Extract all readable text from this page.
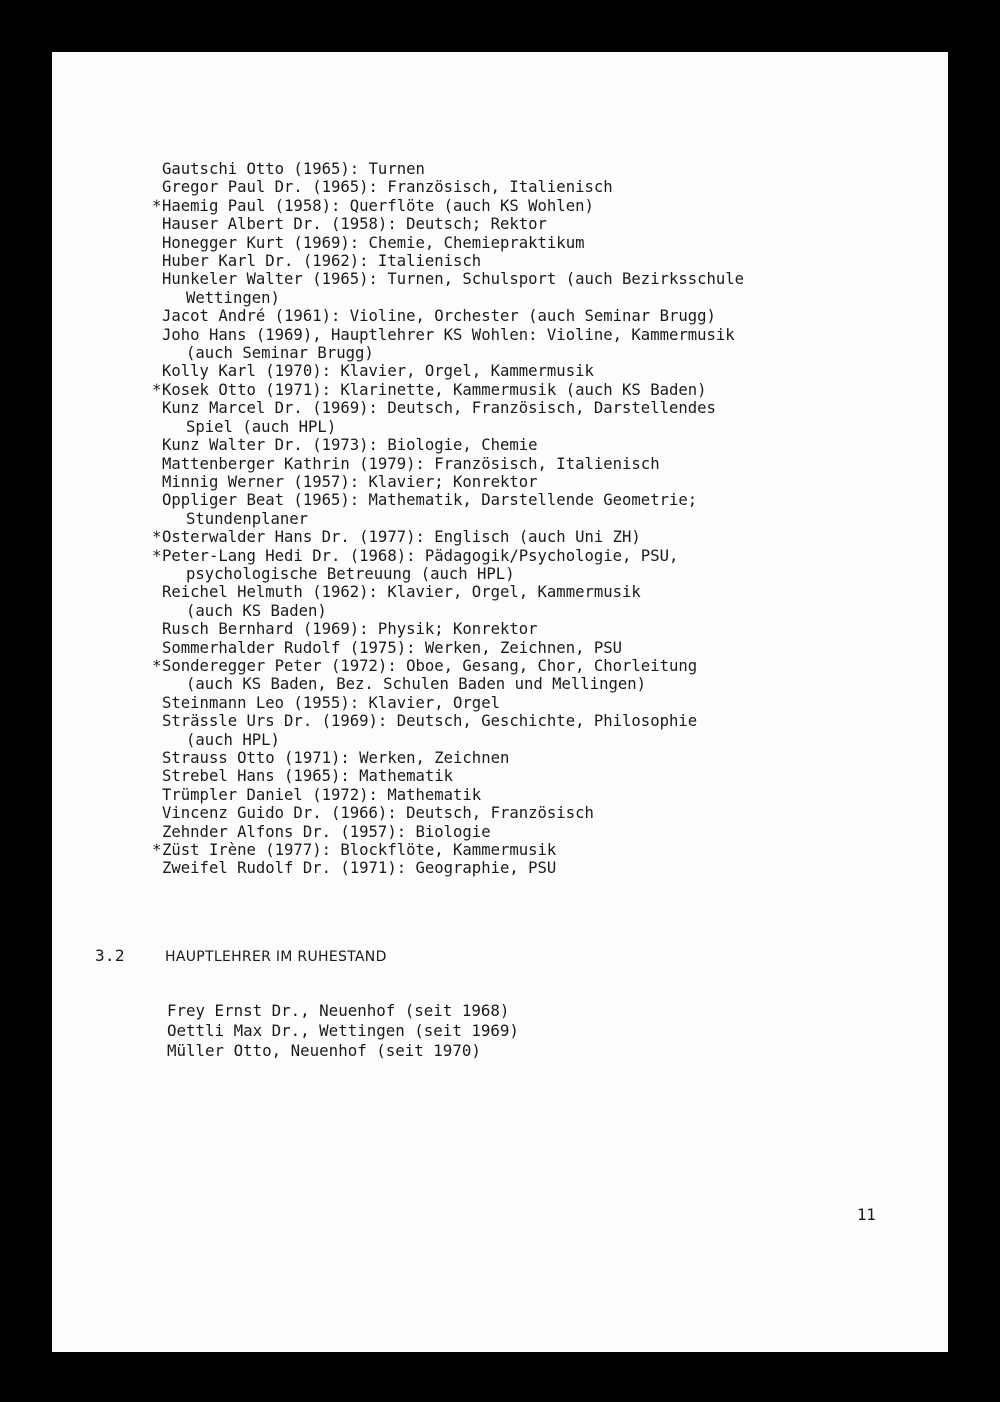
Gautschi Otto (1965): Turnen
Gregor Paul Dr. (1965): Französisch, Italienisch
* Haemig Paul (1958): Querflöte (auch KS Wohlen)
Hauser Albert Dr. (1958): Deutsch; Rektor
Honegger Kurt (1969): Chemie, Chemiepraktikum
Huber Karl Dr. (1962): Italienisch
Hunkeler Walter (1965): Turnen, Schulsport (auch Bezirksschule
Wettingen)
Jacot André (1961): Violine, Orchester (auch Seminar Brugg)
Joho Hans (1969), Hauptlehrer KS Wohlen: Violine, Kammermusik
(auch Seminar Brugg)
Kolly Karl (1970): Klavier, Orgel, Kammermusik
* Kosek Otto (1971): Klarinette, Kammermusik (auch KS Baden)
Kunz Marcel Dr. (1969): Deutsch, Französisch, Darstellendes
Spiel (auch HPL)
Kunz Walter Dr. (1973): Biologie, Chemie
Mattenberger Kathrin (1979): Französisch, Italienisch
Minnig Werner (1957): Klavier; Konrektor
Oppliger Beat (1965): Mathematik, Darstellende Geometrie;
Stundenplaner
* Osterwalder Hans Dr. (1977): Englisch (auch Uni ZH)
* Peter-Lang Hedi Dr. (1968): Pädagogik/Psychologie, PSU,
psychologische Betreuung (auch HPL)
Reichel Helmuth (1962): Klavier, Orgel, Kammermusik
(auch KS Baden)
Rusch Bernhard (1969): Physik; Konrektor
Sommerhalder Rudolf (1975): Werken, Zeichnen, PSU
* Sonderegger Peter (1972): Oboe, Gesang, Chor, Chorleitung
(auch KS Baden, Bez. Schulen Baden und Mellingen)
Steinmann Leo (1955): Klavier, Orgel
Strässle Urs Dr. (1969): Deutsch, Geschichte, Philosophie
(auch HPL)
Strauss Otto (1971): Werken, Zeichnen
Strebel Hans (1965): Mathematik
Trümpler Daniel (1972): Mathematik
Vincenz Guido Dr. (1966): Deutsch, Französisch
Zehnder Alfons Dr. (1957): Biologie
* Züst Irène (1977): Blockflöte, Kammermusik
Zweifel Rudolf Dr. (1971): Geographie, PSU
3.2	HAUPTLEHRER IM RUHESTAND
Frey Ernst Dr., Neuenhof (seit 1968)
Oettli Max Dr., Wettingen (seit 1969)
Müller Otto, Neuenhof (seit 1970)
11
